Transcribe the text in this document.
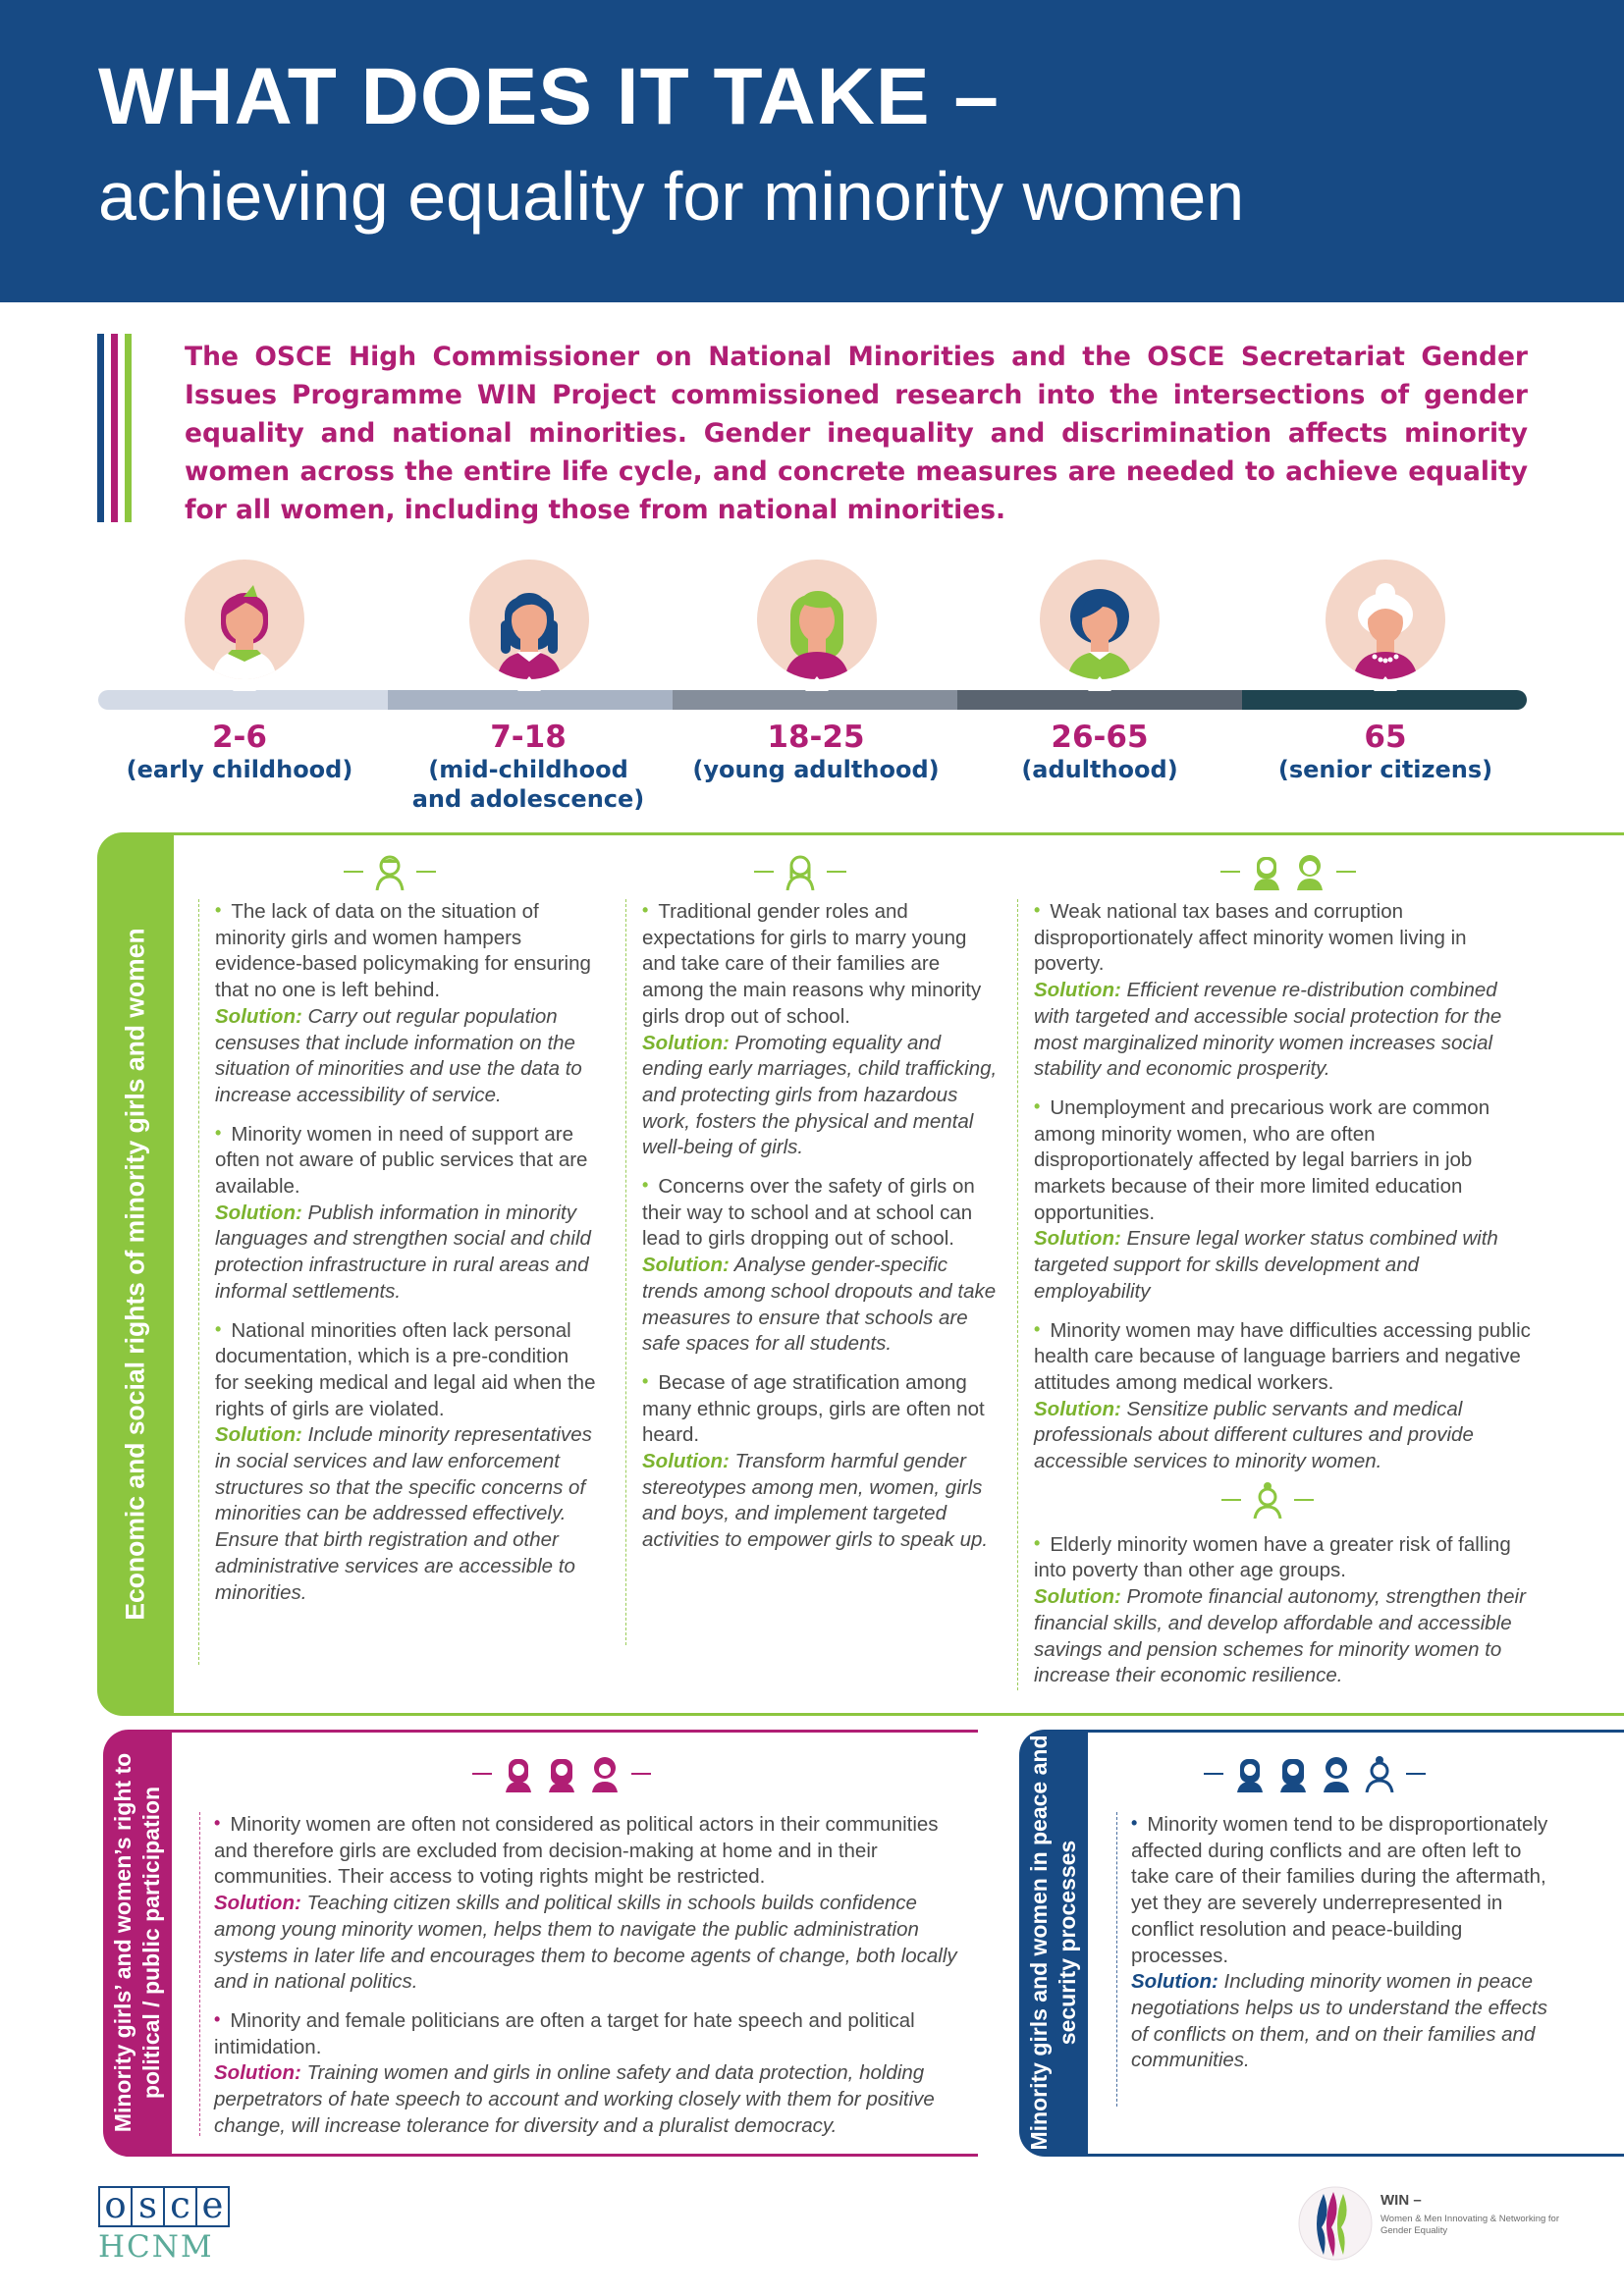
WHAT DOES IT TAKE –
achieving equality for minority women
The OSCE High Commissioner on National Minorities and the OSCE Secretariat Gender Issues Programme WIN Project commissioned research into the intersections of gender equality and national minorities. Gender inequality and discrimination affects minority women across the entire life cycle, and concrete measures are needed to achieve equality for all women, including those from national minorities.
2-6
(early childhood)
7-18
(mid-childhood and adolescence)
18-25
(young adulthood)
26-65
(adulthood)
65
(senior citizens)
Economic and social rights of minority girls and women

• The lack of data on the situation of minority girls and women hampers evidence-based policymaking for ensuring that no one is left behind.

Solution: Carry out regular population censuses that include information on the situation of minorities and use the data to increase accessibility of service.

• Minority women in need of support are often not aware of public services that are available.

Solution: Publish information in minority languages and strengthen social and child protection infrastructure in rural areas and informal settlements.

• National minorities often lack personal documentation, which is a pre-condition for seeking medical and legal aid when the rights of girls are violated.

Solution: Include minority representatives in social services and law enforcement structures so that the specific concerns of minorities can be addressed effectively. Ensure that birth registration and other administrative services are accessible to minorities.

• Traditional gender roles and expectations for girls to marry young and take care of their families are among the main reasons why minority girls drop out of school.

Solution: Promoting equality and ending early marriages, child trafficking, and protecting girls from hazardous work, fosters the physical and mental well-being of girls.

• Concerns over the safety of girls on their way to school and at school can lead to girls dropping out of school.

Solution: Analyse gender-specific trends among school dropouts and take measures to ensure that schools are safe spaces for all students.

• Becase of age stratification among many ethnic groups, girls are often not heard.

Solution: Transform harmful gender stereotypes among men, women, girls and boys, and implement targeted activities to empower girls to speak up.

• Weak national tax bases and corruption disproportionately affect minority women living in poverty.

Solution: Efficient revenue re-distribution combined with targeted and accessible social protection for the most marginalized minority women increases social stability and economic prosperity.

• Unemployment and precarious work are common among minority women, who are often disproportionately affected by legal barriers in job markets because of their more limited education opportunities.

Solution: Ensure legal worker status combined with targeted support for skills development and employability

• Minority women may have difficulties accessing public health care because of language barriers and negative attitudes among medical workers.

Solution: Sensitize public servants and medical professionals about different cultures and provide accessible services to minority women.

• Elderly minority women have a greater risk of falling into poverty than other age groups.

Solution: Promote financial autonomy, strengthen their financial skills, and develop affordable and accessible savings and pension schemes for minority women to increase their economic resilience.

Minority girls’ and women’s right to political / public participation	• Minority women are often not considered as political actors in their communities and therefore girls are excluded from decision-making at home and in their communities. Their access to voting rights might be restricted.

Solution: Teaching citizen skills and political skills in schools builds confidence among young minority women, helps them to navigate the public administration systems in later life and encourages them to become agents of change, both locally and in national politics.

• Minority and female politicians are often a target for hate speech and political intimidation.

Solution: Training women and girls in online safety and data protection, holding perpetrators of hate speech to account and working closely with them for positive change, will increase tolerance for diversity and a pluralist democracy.	Minority girls and women in peace and security processes

• Minority women tend to be disproportionately affected during conflicts and are often left to take care of their families during the aftermath, yet they are severely underrepresented in conflict resolution and peace-building processes.

Solution: Including minority women in peace negotiations helps us to understand the effects of conflicts on them, and on their families and communities.

o s c e
HCNM
WIN –
Women & Men Innovating & Networking for Gender Equality
